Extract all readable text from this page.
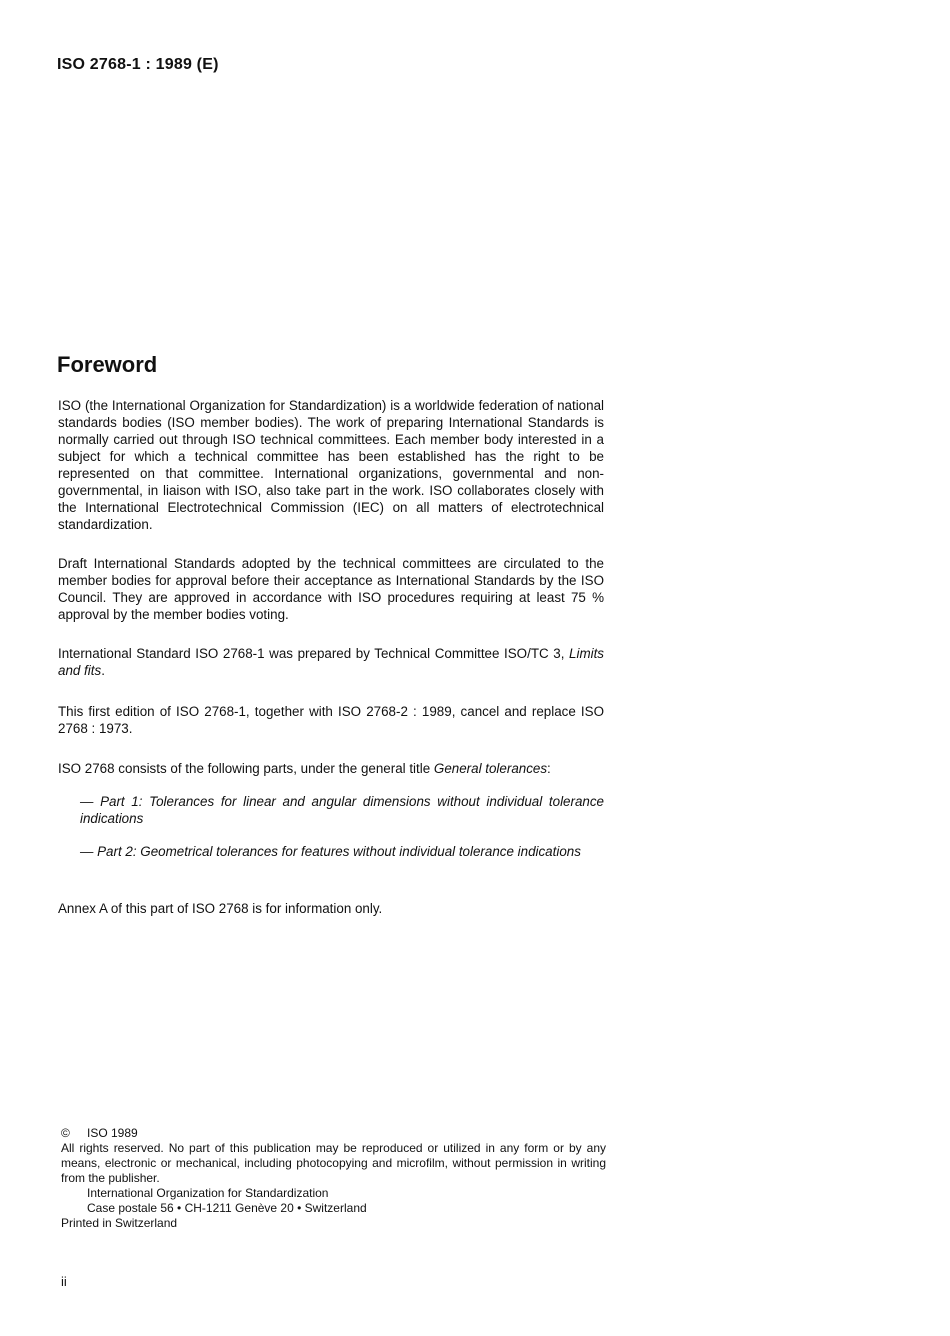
ISO 2768-1 : 1989 (E)
Foreword

ISO (the International Organization for Standardization) is a worldwide federation of national standards bodies (ISO member bodies). The work of preparing International Standards is normally carried out through ISO technical committees. Each member body interested in a subject for which a technical committee has been established has the right to be represented on that committee. International organizations, governmental and non-governmental, in liaison with ISO, also take part in the work. ISO collaborates closely with the International Electrotechnical Commission (IEC) on all matters of electrotechnical standardization.

Draft International Standards adopted by the technical committees are circulated to the member bodies for approval before their acceptance as International Standards by the ISO Council. They are approved in accordance with ISO procedures requiring at least 75 % approval by the member bodies voting.

International Standard ISO 2768-1 was prepared by Technical Committee ISO/TC 3, Limits and fits.

This first edition of ISO 2768-1, together with ISO 2768-2 : 1989, cancel and replace ISO 2768 : 1973.

ISO 2768 consists of the following parts, under the general title General tolerances:

— Part 1: Tolerances for linear and angular dimensions without individual tolerance indications

— Part 2: Geometrical tolerances for features without individual tolerance indications

Annex A of this part of ISO 2768 is for information only.

© ISO 1989
All rights reserved. No part of this publication may be reproduced or utilized in any form or by any means, electronic or mechanical, including photocopying and microfilm, without permission in writing from the publisher.
International Organization for Standardization
Case postale 56 • CH-1211 Genève 20 • Switzerland
Printed in Switzerland
ii
